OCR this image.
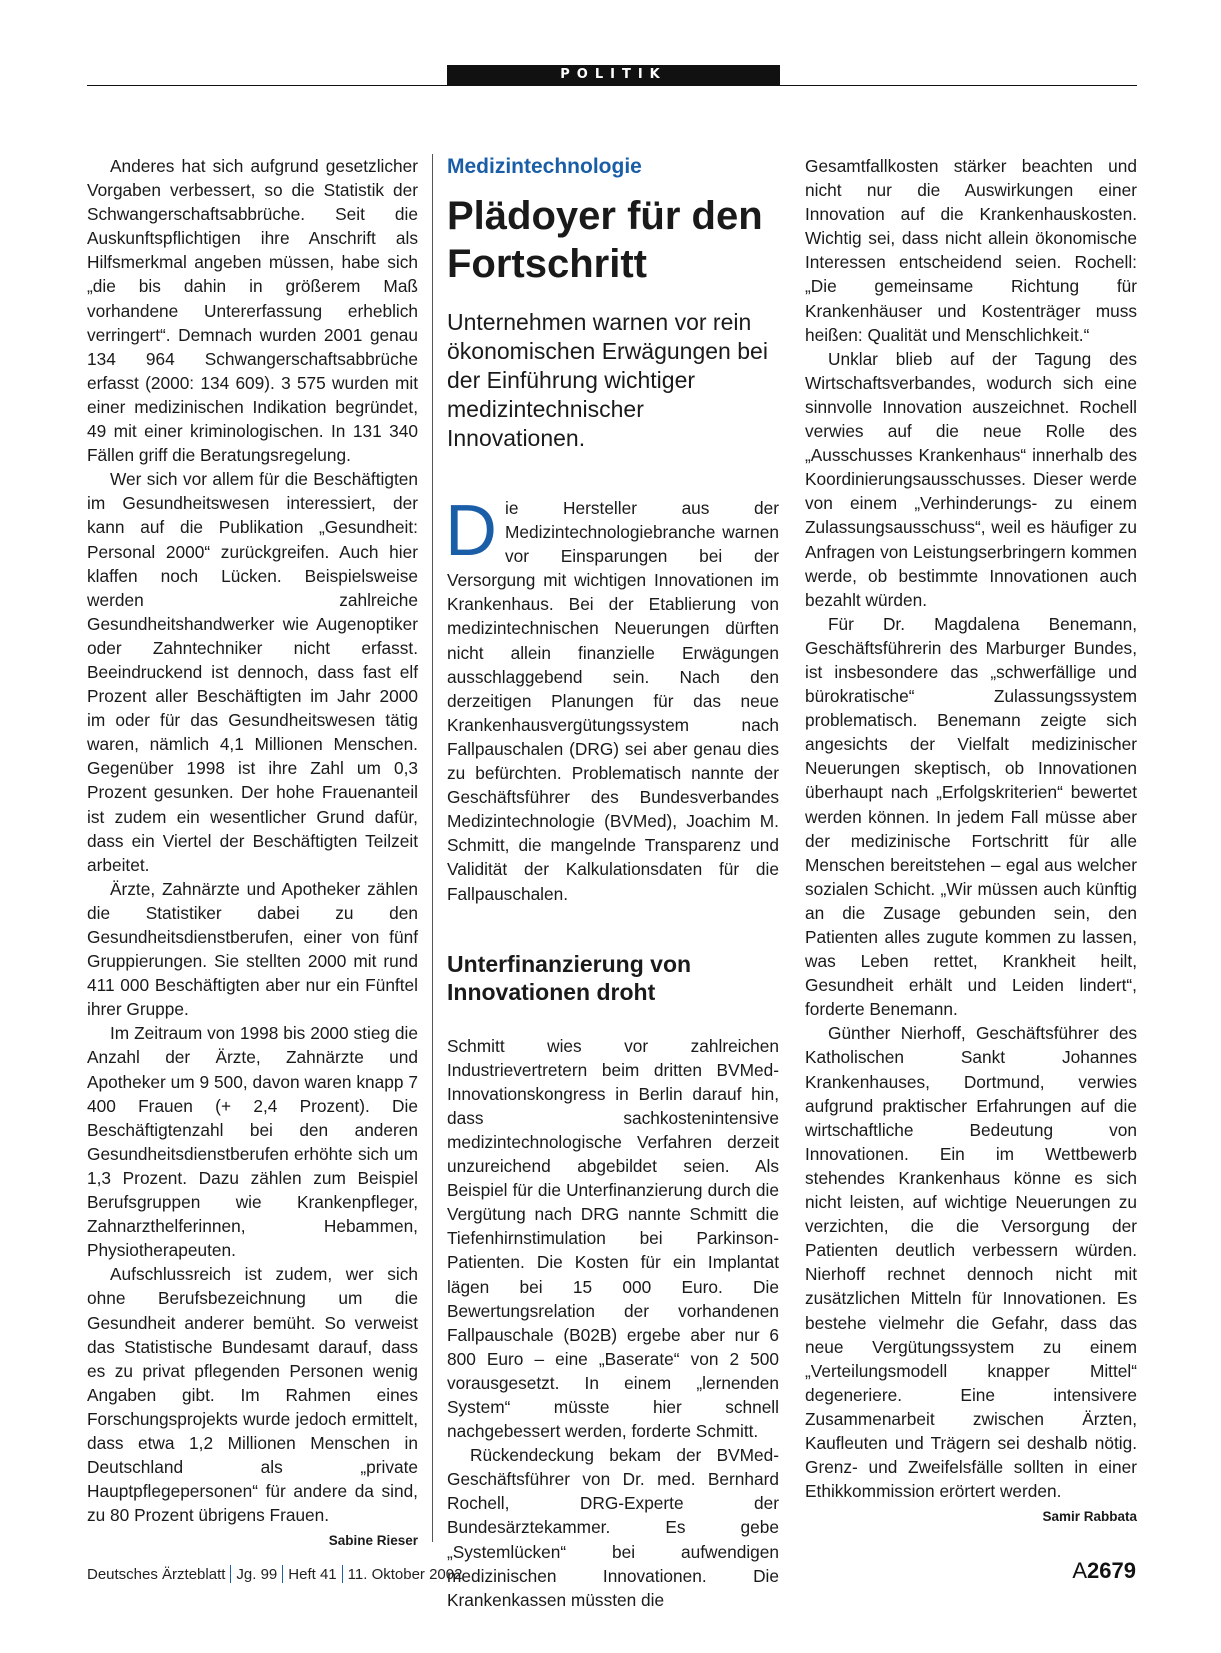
POLITIK

Anderes hat sich aufgrund gesetzlicher Vorgaben verbessert, so die Statistik der Schwangerschaftsabbrüche. Seit die Auskunftspflichtigen ihre Anschrift als Hilfsmerkmal angeben müssen, habe sich „die bis dahin in größerem Maß vorhandene Untererfassung erheblich verringert“. Demnach wurden 2001 genau 134 964 Schwangerschaftsabbrüche erfasst (2000: 134 609). 3 575 wurden mit einer medizinischen Indikation begründet, 49 mit einer kriminologischen. In 131 340 Fällen griff die Beratungsregelung.

Wer sich vor allem für die Beschäftigten im Gesundheitswesen interessiert, der kann auf die Publikation „Gesundheit: Personal 2000“ zurückgreifen. Auch hier klaffen noch Lücken. Beispielsweise werden zahlreiche Gesundheitshandwerker wie Augenoptiker oder Zahntechniker nicht erfasst. Beeindruckend ist dennoch, dass fast elf Prozent aller Beschäftigten im Jahr 2000 im oder für das Gesundheitswesen tätig waren, nämlich 4,1 Millionen Menschen. Gegenüber 1998 ist ihre Zahl um 0,3 Prozent gesunken. Der hohe Frauenanteil ist zudem ein wesentlicher Grund dafür, dass ein Viertel der Beschäftigten Teilzeit arbeitet.

Ärzte, Zahnärzte und Apotheker zählen die Statistiker dabei zu den Gesundheitsdienstberufen, einer von fünf Gruppierungen. Sie stellten 2000 mit rund 411 000 Beschäftigten aber nur ein Fünftel ihrer Gruppe.

Im Zeitraum von 1998 bis 2000 stieg die Anzahl der Ärzte, Zahnärzte und Apotheker um 9 500, davon waren knapp 7 400 Frauen (+ 2,4 Prozent). Die Beschäftigtenzahl bei den anderen Gesundheitsdienstberufen erhöhte sich um 1,3 Prozent. Dazu zählen zum Beispiel Berufsgruppen wie Krankenpfleger, Zahnarzthelferinnen, Hebammen, Physiotherapeuten.

Aufschlussreich ist zudem, wer sich ohne Berufsbezeichnung um die Gesundheit anderer bemüht. So verweist das Statistische Bundesamt darauf, dass es zu privat pflegenden Personen wenig Angaben gibt. Im Rahmen eines Forschungsprojekts wurde jedoch ermittelt, dass etwa 1,2 Millionen Menschen in Deutschland als „private Hauptpflegepersonen“ für andere da sind, zu 80 Prozent übrigens Frauen.
Sabine Rieser

Medizintechnologie
Plädoyer für den Fortschritt
Unternehmen warnen vor rein ökonomischen Erwägungen bei der Einführung wichtiger medizintechnischer Innovationen.

Die Hersteller aus der Medizintechnologiebranche warnen vor Einsparungen bei der Versorgung mit wichtigen Innovationen im Krankenhaus. Bei der Etablierung von medizintechnischen Neuerungen dürften nicht allein finanzielle Erwägungen ausschlaggebend sein. Nach den derzeitigen Planungen für das neue Krankenhausvergütungssystem nach Fallpauschalen (DRG) sei aber genau dies zu befürchten. Problematisch nannte der Geschäftsführer des Bundesverbandes Medizintechnologie (BVMed), Joachim M. Schmitt, die mangelnde Transparenz und Validität der Kalkulationsdaten für die Fallpauschalen.

Unterfinanzierung von Innovationen droht

Schmitt wies vor zahlreichen Industrievertretern beim dritten BVMed-Innovationskongress in Berlin darauf hin, dass sachkostenintensive medizintechnologische Verfahren derzeit unzureichend abgebildet seien. Als Beispiel für die Unterfinanzierung durch die Vergütung nach DRG nannte Schmitt die Tiefenhirnstimulation bei Parkinson-Patienten. Die Kosten für ein Implantat lägen bei 15 000 Euro. Die Bewertungsrelation der vorhandenen Fallpauschale (B02B) ergebe aber nur 6 800 Euro – eine „Baserate“ von 2 500 vorausgesetzt. In einem „lernenden System“ müsste hier schnell nachgebessert werden, forderte Schmitt.

Rückendeckung bekam der BVMed-Geschäftsführer von Dr. med. Bernhard Rochell, DRG-Experte der Bundesärztekammer. Es gebe „Systemlücken“ bei aufwendigen medizinischen Innovationen. Die Krankenkassen müssten die

Gesamtfallkosten stärker beachten und nicht nur die Auswirkungen einer Innovation auf die Krankenhauskosten. Wichtig sei, dass nicht allein ökonomische Interessen entscheidend seien. Rochell: „Die gemeinsame Richtung für Krankenhäuser und Kostenträger muss heißen: Qualität und Menschlichkeit.“

Unklar blieb auf der Tagung des Wirtschaftsverbandes, wodurch sich eine sinnvolle Innovation auszeichnet. Rochell verwies auf die neue Rolle des „Ausschusses Krankenhaus“ innerhalb des Koordinierungsausschusses. Dieser werde von einem „Verhinderungs- zu einem Zulassungsausschuss“, weil es häufiger zu Anfragen von Leistungserbringern kommen werde, ob bestimmte Innovationen auch bezahlt würden.

Für Dr. Magdalena Benemann, Geschäftsführerin des Marburger Bundes, ist insbesondere das „schwerfällige und bürokratische“ Zulassungssystem problematisch. Benemann zeigte sich angesichts der Vielfalt medizinischer Neuerungen skeptisch, ob Innovationen überhaupt nach „Erfolgskriterien“ bewertet werden können. In jedem Fall müsse aber der medizinische Fortschritt für alle Menschen bereitstehen – egal aus welcher sozialen Schicht. „Wir müssen auch künftig an die Zusage gebunden sein, den Patienten alles zugute kommen zu lassen, was Leben rettet, Krankheit heilt, Gesundheit erhält und Leiden lindert“, forderte Benemann.

Günther Nierhoff, Geschäftsführer des Katholischen Sankt Johannes Krankenhauses, Dortmund, verwies aufgrund praktischer Erfahrungen auf die wirtschaftliche Bedeutung von Innovationen. Ein im Wettbewerb stehendes Krankenhaus könne es sich nicht leisten, auf wichtige Neuerungen zu verzichten, die die Versorgung der Patienten deutlich verbessern würden. Nierhoff rechnet dennoch nicht mit zusätzlichen Mitteln für Innovationen. Es bestehe vielmehr die Gefahr, dass das neue Vergütungssystem zu einem „Verteilungsmodell knapper Mittel“ degeneriere. Eine intensivere Zusammenarbeit zwischen Ärzten, Kaufleuten und Trägern sei deshalb nötig. Grenz- und Zweifelsfälle sollten in einer Ethikkommission erörtert werden.
Samir Rabbata

Deutsches Ärzteblatt Jg. 99 Heft 41 11. Oktober 2002	A2679
